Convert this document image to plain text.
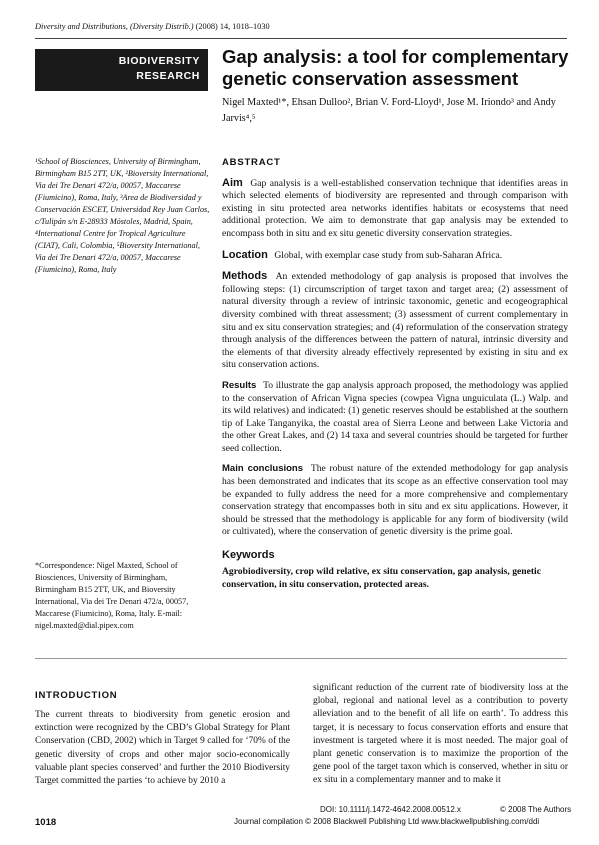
Diversity and Distributions, (Diversity Distrib.) (2008) 14, 1018–1030
BIODIVERSITY
RESEARCH
Gap analysis: a tool for complementary genetic conservation assessment
Nigel Maxted¹*, Ehsan Dulloo², Brian V. Ford-Lloyd¹, Jose M. Iriondo³ and Andy Jarvis⁴,⁵
¹School of Biosciences, University of Birmingham, Birmingham B15 2TT, UK, ²Bioversity International, Via dei Tre Denari 472/a, 00057, Maccarese (Fiumicino), Roma, Italy, ³Area de Biodiversidad y Conservación ESCET, Universidad Rey Juan Carlos, c/Tulipán s/n E-28933 Móstoles, Madrid, Spain, ⁴International Centre for Tropical Agriculture (CIAT), Cali, Colombia, ⁵Bioversity International, Via dei Tre Denari 472/a, 00057, Maccarese (Fiumicino), Roma, Italy
*Correspondence: Nigel Maxted, School of Biosciences, University of Birmingham, Birmingham B15 2TT, UK, and Bioversity International, Via dei Tre Denari 472/a, 00057, Maccarese (Fiumicino), Roma, Italy. E-mail: nigel.maxted@dial.pipex.com
ABSTRACT

Aim Gap analysis is a well-established conservation technique that identifies areas in which selected elements of biodiversity are represented and through comparison with existing in situ protected area networks identifies habitats or ecosystems that need additional protection. We aim to demonstrate that gap analysis may be extended to encompass both in situ and ex situ genetic diversity conservation strategies.

Location Global, with exemplar case study from sub-Saharan Africa.

Methods An extended methodology of gap analysis is proposed that involves the following steps: (1) circumscription of target taxon and target area; (2) assessment of natural diversity through a review of intrinsic taxonomic, genetic and ecogeographical diversity combined with threat assessment; (3) assessment of current complementary in situ and ex situ conservation strategies; and (4) reformulation of the conservation strategy through analysis of the differences between the pattern of natural, intrinsic diversity and the elements of that diversity already effectively represented by existing in situ and ex situ conservation actions.

Results To illustrate the gap analysis approach proposed, the methodology was applied to the conservation of African Vigna species (cowpea Vigna unguiculata (L.) Walp. and its wild relatives) and indicated: (1) genetic reserves should be established at the southern tip of Lake Tanganyika, the coastal area of Sierra Leone and between Lake Victoria and the other Great Lakes, and (2) 14 taxa and several countries should be targeted for further seed collection.

Main conclusions The robust nature of the extended methodology for gap analysis has been demonstrated and indicates that its scope as an effective conservation tool may be expanded to fully address the need for a more comprehensive and complementary conservation strategy that encompasses both in situ and ex situ applications. However, it should be stressed that the methodology is applicable for any form of biodiversity (wild or cultivated), where the conservation of genetic diversity is the prime goal.

Keywords
Agrobiodiversity, crop wild relative, ex situ conservation, gap analysis, genetic conservation, in situ conservation, protected areas.
INTRODUCTION
The current threats to biodiversity from genetic erosion and extinction were recognized by the CBD’s Global Strategy for Plant Conservation (CBD, 2002) which in Target 9 called for ‘70% of the genetic diversity of crops and other major socio-economically valuable plant species conserved’ and further the 2010 Biodiversity Target committed the parties ‘to achieve by 2010 a
significant reduction of the current rate of biodiversity loss at the global, regional and national level as a contribution to poverty alleviation and to the benefit of all life on earth’. To address this target, it is necessary to focus conservation efforts and ensure that investment is targeted where it is most needed. The major goal of plant genetic conservation is to maximize the proportion of the gene pool of the target taxon which is conserved, whether in situ or ex situ in a complementary manner and to make it
DOI: 10.1111/j.1472-4642.2008.00512.x	© 2008 The Authors
1018	Journal compilation © 2008 Blackwell Publishing Ltd www.blackwellpublishing.com/ddi
